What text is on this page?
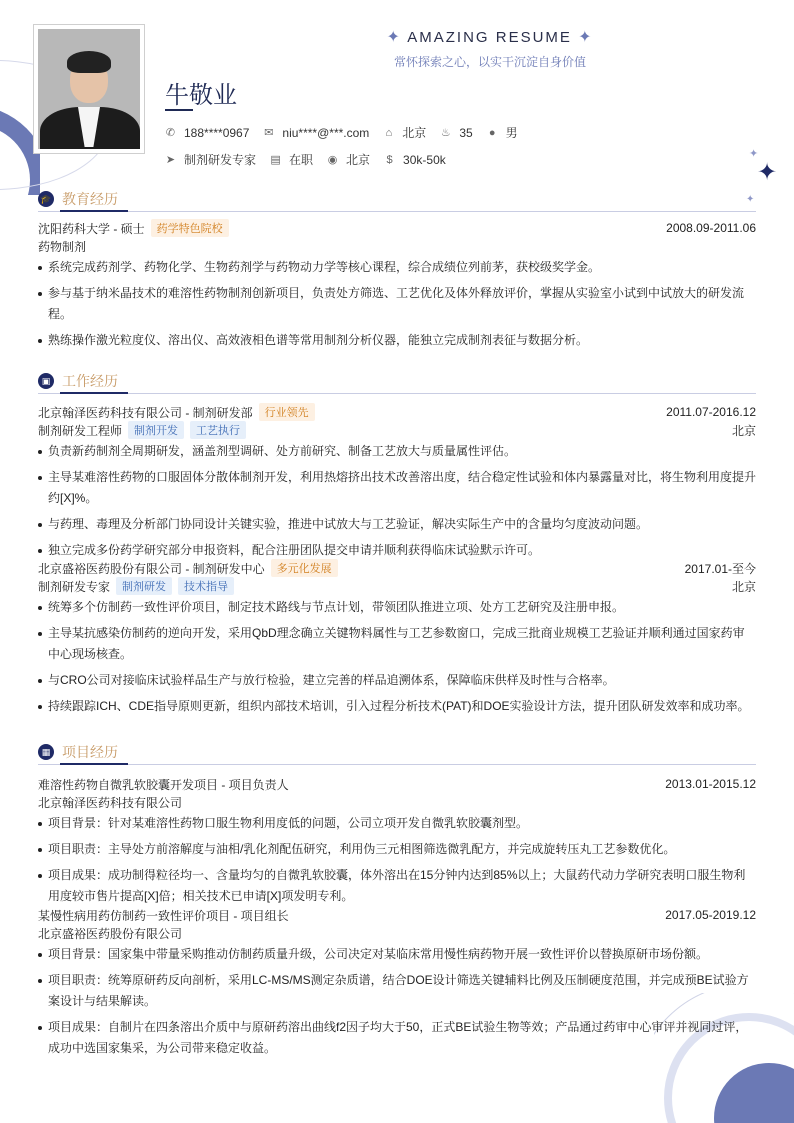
✦
✦
✦
✦ AMAZING RESUME ✦
常怀探索之心，以实干沉淀自身价值
牛敬业
✆ 188****0967 ✉ niu****@***.com ⌂ 北京 ♨ 35 ● 男
➤ 制剂研发专家 ▤ 在职 ◉ 北京 $ 30k-50k
🎓 教育经历
沈阳药科大学 - 硕士	药学特色院校	2008.09-2011.06
药物制剂
系统完成药剂学、药物化学、生物药剂学与药物动力学等核心课程，综合成绩位列前茅，获校级奖学金。
参与基于纳米晶技术的难溶性药物制剂创新项目，负责处方筛选、工艺优化及体外释放评价，掌握从实验室小试到中试放大的研发流程。
熟练操作激光粒度仪、溶出仪、高效液相色谱等常用制剂分析仪器，能独立完成制剂表征与数据分析。
▣ 工作经历
北京翰泽医药科技有限公司 - 制剂研发部	行业领先	2011.07-2016.12
制剂研发工程师	制剂开发	工艺执行	北京
负责新药制剂全周期研发，涵盖剂型调研、处方前研究、制备工艺放大与质量属性评估。
主导某难溶性药物的口服固体分散体制剂开发，利用热熔挤出技术改善溶出度，结合稳定性试验和体内暴露量对比，将生物利用度提升约[X]%。
与药理、毒理及分析部门协同设计关键实验，推进中试放大与工艺验证，解决实际生产中的含量均匀度波动问题。
独立完成多份药学研究部分申报资料，配合注册团队提交申请并顺利获得临床试验默示许可。
北京盛裕医药股份有限公司 - 制剂研发中心	多元化发展	2017.01-至今
制剂研发专家	制剂研发	技术指导	北京
统筹多个仿制药一致性评价项目，制定技术路线与节点计划，带领团队推进立项、处方工艺研究及注册申报。
主导某抗感染仿制药的逆向开发，采用QbD理念确立关键物料属性与工艺参数窗口，完成三批商业规模工艺验证并顺利通过国家药审中心现场核查。
与CRO公司对接临床试验样品生产与放行检验，建立完善的样品追溯体系，保障临床供样及时性与合格率。
持续跟踪ICH、CDE指导原则更新，组织内部技术培训，引入过程分析技术(PAT)和DOE实验设计方法，提升团队研发效率和成功率。
▦ 项目经历
难溶性药物自微乳软胶囊开发项目 - 项目负责人	2013.01-2015.12
北京翰泽医药科技有限公司
项目背景：针对某难溶性药物口服生物利用度低的问题，公司立项开发自微乳软胶囊剂型。
项目职责：主导处方前溶解度与油相/乳化剂配伍研究，利用伪三元相图筛选微乳配方，并完成旋转压丸工艺参数优化。
项目成果：成功制得粒径均一、含量均匀的自微乳软胶囊，体外溶出在15分钟内达到85%以上；大鼠药代动力学研究表明口服生物利用度较市售片提高[X]倍；相关技术已申请[X]项发明专利。
某慢性病用药仿制药一致性评价项目 - 项目组长	2017.05-2019.12
北京盛裕医药股份有限公司
项目背景：国家集中带量采购推动仿制药质量升级，公司决定对某临床常用慢性病药物开展一致性评价以替换原研市场份额。
项目职责：统筹原研药反向剖析，采用LC-MS/MS测定杂质谱，结合DOE设计筛选关键辅料比例及压制硬度范围，并完成预BE试验方案设计与结果解读。
项目成果：自制片在四条溶出介质中与原研药溶出曲线f2因子均大于50，正式BE试验生物等效；产品通过药审中心审评并视同过评，成功中选国家集采，为公司带来稳定收益。
